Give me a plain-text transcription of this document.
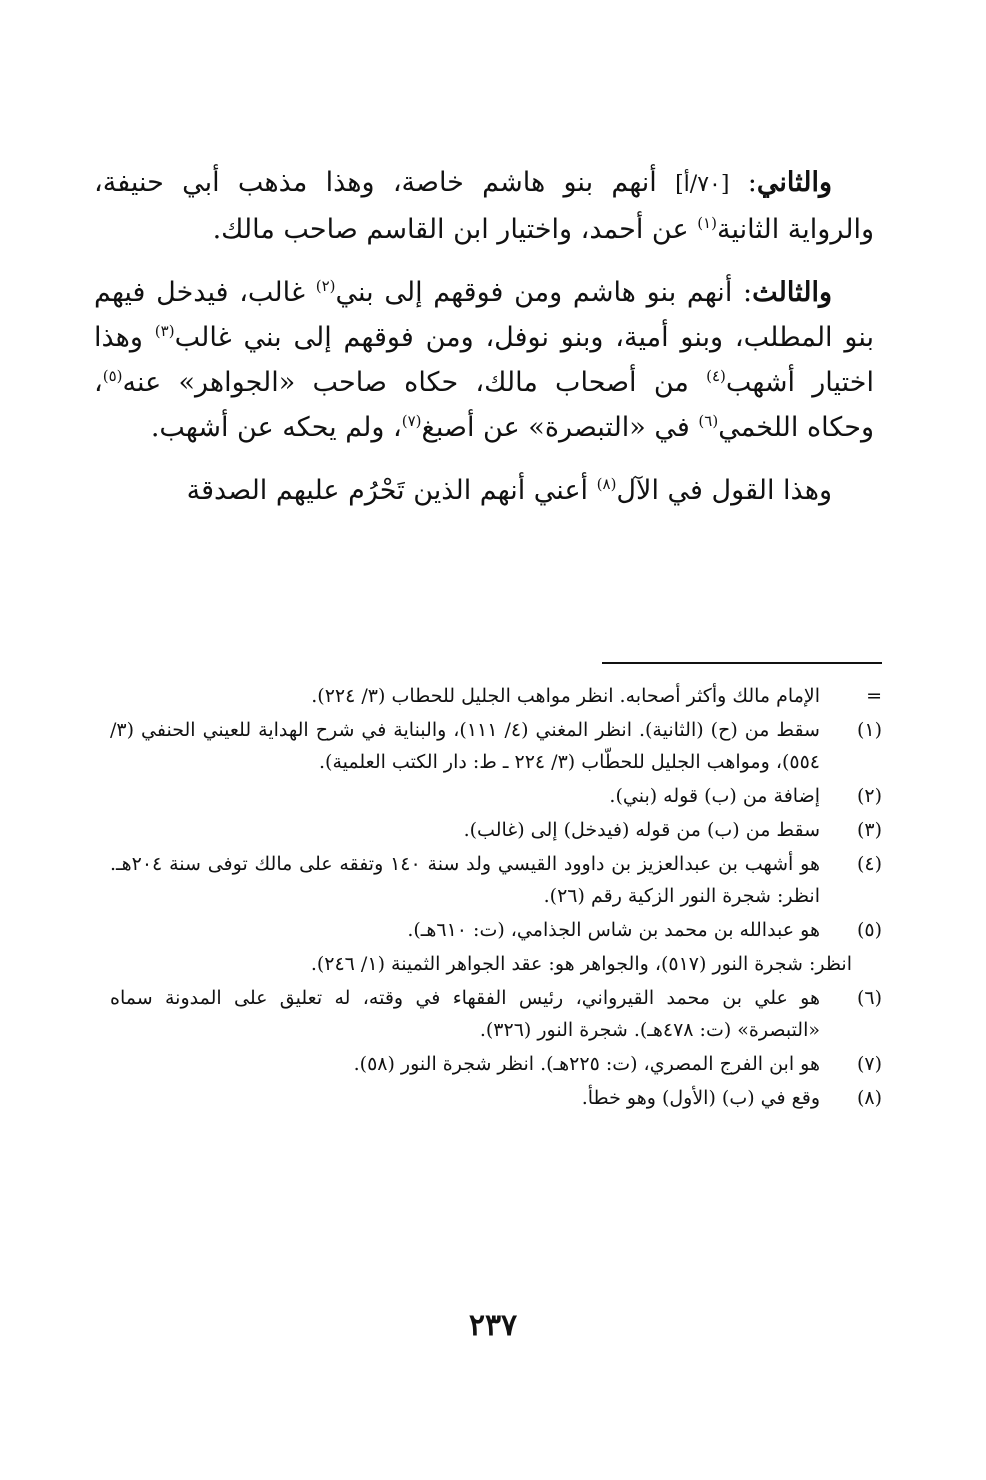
والثاني: [٧٠/أ] أنهم بنو هاشم خاصة، وهذا مذهب أبي حنيفة، والرواية الثانية$^{(١)}$ عن أحمد، واختيار ابن القاسم صاحب مالك.

والثالث: أنهم بنو هاشم ومن فوقهم إلى بني$^{(٢)}$ غالب، فيدخل فيهم بنو المطلب، وبنو أمية، وبنو نوفل، ومن فوقهم إلى بني غالب$^{(٣)}$ وهذا اختيار أشهب$^{(٤)}$ من أصحاب مالك، حكاه صاحب «الجواهر» عنه$^{(٥)}$، وحكاه اللخمي$^{(٦)}$ في «التبصرة» عن أصبغ$^{(٧)}$، ولم يحكه عن أشهب.

وهذا القول في الآل$^{(٨)}$ أعني أنهم الذين تَحْرُم عليهم الصدقة

=
الإمام مالك وأكثر أصحابه. انظر مواهب الجليل للحطاب (٣/ ٢٢٤).
(١)
سقط من (ح) (الثانية). انظر المغني (٤/ ١١١)، والبناية في شرح الهداية للعيني الحنفي (٣/ ٥٥٤)، ومواهب الجليل للحطّاب (٣/ ٢٢٤ ـ ط: دار الكتب العلمية).
(٢)
إضافة من (ب) قوله (بني).
(٣)
سقط من (ب) من قوله (فيدخل) إلى (غالب).
(٤)
هو أشهب بن عبدالعزيز بن داوود القيسي ولد سنة ١٤٠ وتفقه على مالك توفى سنة ٢٠٤هـ. انظر: شجرة النور الزكية رقم (٢٦).
(٥)
هو عبدالله بن محمد بن شاس الجذامي، (ت: ٦١٠هـ).
انظر: شجرة النور (٥١٧)، والجواهر هو: عقد الجواهر الثمينة (١/ ٢٤٦).
(٦)
هو علي بن محمد القيرواني، رئيس الفقهاء في وقته، له تعليق على المدونة سماه «التبصرة» (ت: ٤٧٨هـ). شجرة النور (٣٢٦).
(٧)
هو ابن الفرج المصري، (ت: ٢٢٥هـ). انظر شجرة النور (٥٨).
(٨)
وقع في (ب) (الأول) وهو خطأ.
٢٣٧
